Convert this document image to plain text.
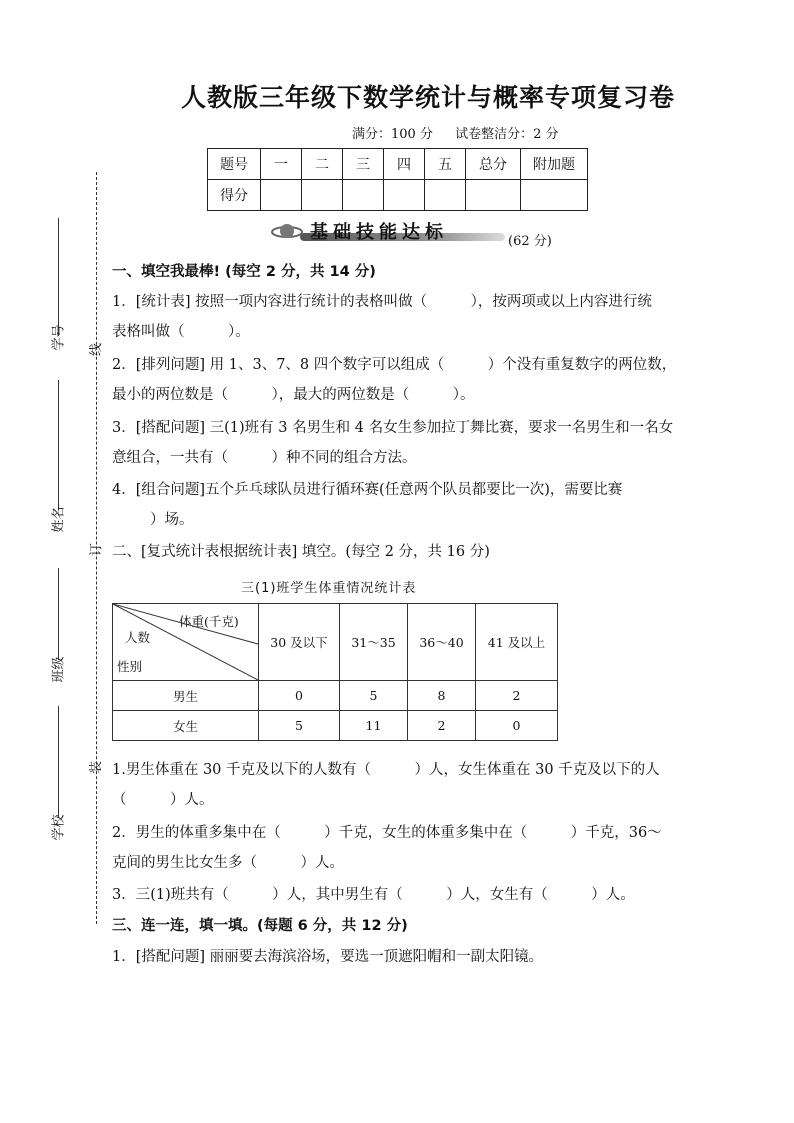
人教版三年级下数学统计与概率专项复习卷
满分：100 分 试卷整洁分：2 分
题号	一	二	三	四	五	总分	附加题
得分							
学号
姓名
班级
学校
线
订
装
基础技能达标	(62 分)
一、填空我最棒! (每空 2 分，共 14 分)
1．[统计表] 按照一项内容进行统计的表格叫做（　　　），按两项或以上内容进行统
表格叫做（　　　）。
2．[排列问题] 用 1、3、7、8 四个数字可以组成（　　　）个没有重复数字的两位数，
最小的两位数是（　　　），最大的两位数是（　　　）。
3．[搭配问题] 三(1)班有 3 名男生和 4 名女生参加拉丁舞比赛，要求一名男生和一名女
意组合，一共有（　　　）种不同的组合方法。
4．[组合问题]五个乒乓球队员进行循环赛(任意两个队员都要比一次)，需要比赛
）场。
二、[复式统计表根据统计表] 填空。(每空 2 分，共 16 分)
三(1)班学生体重情况统计表
体重(千克)
人数
性别	30 及以下	31～35	36～40	41 及以上
男生	0	5	8	2
女生	5	11	2	0
1.男生体重在 30 千克及以下的人数有（　　　）人，女生体重在 30 千克及以下的人
（　　　）人。
2．男生的体重多集中在（　　　）千克，女生的体重多集中在（　　　）千克，36～
克间的男生比女生多（　　　）人。
3．三(1)班共有（　　　）人，其中男生有（　　　）人，女生有（　　　）人。
三、连一连，填一填。(每题 6 分，共 12 分)
1．[搭配问题] 丽丽要去海滨浴场，要选一顶遮阳帽和一副太阳镜。
